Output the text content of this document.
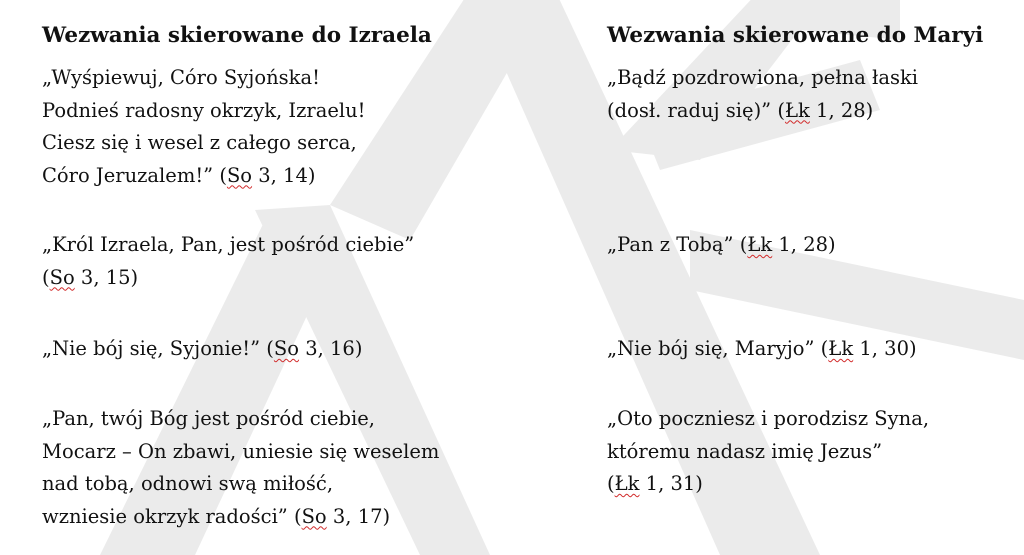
Wezwania skierowane do Izraela
„Wyśpiewuj, Córo Syjońska!
Podnieś radosny okrzyk, Izraelu!
Ciesz się i wesel z całego serca,
Córo Jeruzalem!” (So 3, 14)
„Król Izraela, Pan, jest pośród ciebie”
(So 3, 15)
„Nie bój się, Syjonie!” (So 3, 16)
„Pan, twój Bóg jest pośród ciebie,
Mocarz – On zbawi, uniesie się weselem
nad tobą, odnowi swą miłość,
wzniesie okrzyk radości” (So 3, 17)
Wezwania skierowane do Maryi
„Bądź pozdrowiona, pełna łaski
(dosł. raduj się)” (Łk 1, 28)
„Pan z Tobą” (Łk 1, 28)
„Nie bój się, Maryjo” (Łk 1, 30)
„Oto poczniesz i porodzisz Syna,
któremu nadasz imię Jezus”
(Łk 1, 31)
